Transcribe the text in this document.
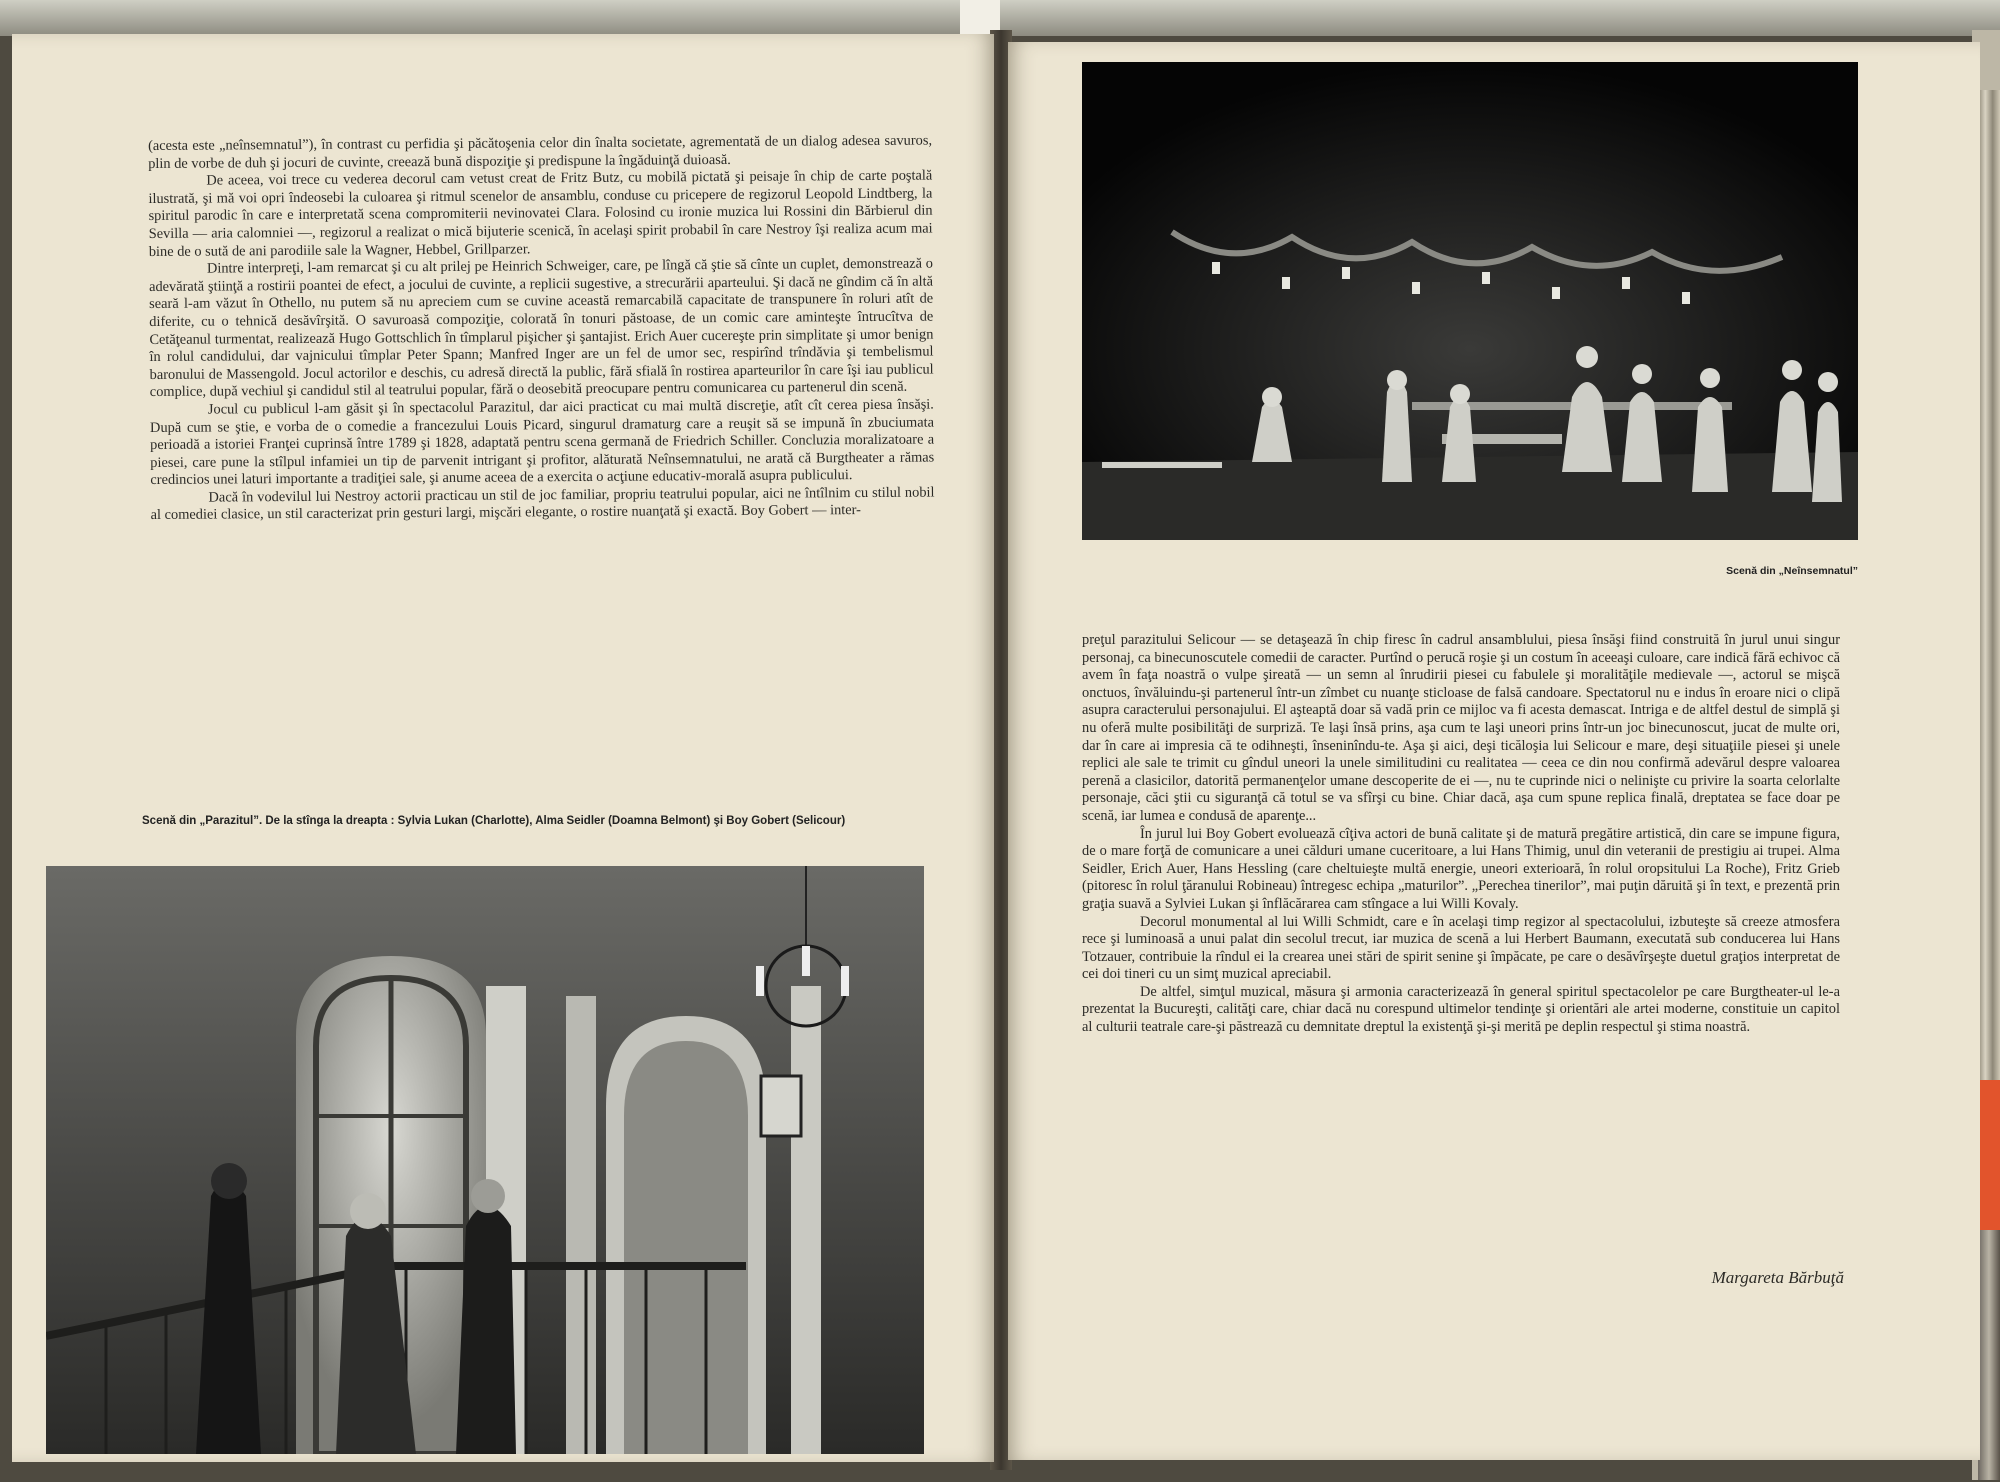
(acesta este „neînsemnatul”), în contrast cu perfidia şi păcătoşenia celor din înalta societate, agrementată de un dialog adesea savuros, plin de vorbe de duh şi jocuri de cuvinte, creează bună dispoziţie şi predispune la îngăduinţă duioasă.

De aceea, voi trece cu vederea decorul cam vetust creat de Fritz Butz, cu mobilă pictată şi peisaje în chip de carte poştală ilustrată, şi mă voi opri îndeosebi la culoarea şi ritmul scenelor de ansamblu, conduse cu pricepere de regizorul Leopold Lindtberg, la spiritul parodic în care e interpretată scena compromiterii nevinovatei Clara. Folosind cu ironie muzica lui Rossini din Bărbierul din Sevilla — aria calomniei —, regizorul a realizat o mică bijuterie scenică, în acelaşi spirit probabil în care Nestroy îşi realiza acum mai bine de o sută de ani parodiile sale la Wagner, Hebbel, Grillparzer.

Dintre interpreţi, l-am remarcat şi cu alt prilej pe Heinrich Schweiger, care, pe lîngă că ştie să cînte un cuplet, demonstrează o adevărată ştiinţă a rostirii poantei de efect, a jocului de cuvinte, a replicii sugestive, a strecurării aparteului. Şi dacă ne gîndim că în altă seară l-am văzut în Othello, nu putem să nu apreciem cum se cuvine această remarcabilă capacitate de transpunere în roluri atît de diferite, cu o tehnică desăvîrşită. O savuroasă compoziţie, colorată în tonuri păstoase, de un comic care aminteşte întrucîtva de Cetăţeanul turmentat, realizează Hugo Gottschlich în tîmplarul pişicher şi şantajist. Erich Auer cucereşte prin simplitate şi umor benign în rolul candidului, dar vajnicului tîmplar Peter Spann; Manfred Inger are un fel de umor sec, respirînd trîndăvia şi tembelismul baronului de Massengold. Jocul actorilor e deschis, cu adresă directă la public, fără sfială în rostirea aparteurilor în care îşi iau publicul complice, după vechiul şi candidul stil al teatrului popular, fără o deosebită preocupare pentru comunicarea cu partenerul din scenă.

Jocul cu publicul l-am găsit şi în spectacolul Parazitul, dar aici practicat cu mai multă discreţie, atît cît cerea piesa însăşi. După cum se ştie, e vorba de o comedie a francezului Louis Picard, singurul dramaturg care a reuşit să se impună în zbuciumata perioadă a istoriei Franţei cuprinsă între 1789 şi 1828, adaptată pentru scena germană de Friedrich Schiller. Concluzia moralizatoare a piesei, care pune la stîlpul infamiei un tip de parvenit intrigant şi profitor, alăturată Neînsemnatului, ne arată că Burgtheater a rămas credincios unei laturi importante a tradiţiei sale, şi anume aceea de a exercita o acţiune educativ-morală asupra publicului.

Dacă în vodevilul lui Nestroy actorii practicau un stil de joc familiar, propriu teatrului popular, aici ne întîlnim cu stilul nobil al comediei clasice, un stil caracterizat prin gesturi largi, mişcări elegante, o rostire nuanţată şi exactă. Boy Gobert — inter-

Scenă din „Parazitul”. De la stînga la dreapta : Sylvia Lukan (Charlotte), Alma Seidler (Doamna Belmont) şi Boy Gobert (Selicour)
Scenă din „Neînsemnatul”

preţul parazitului Selicour — se detaşează în chip firesc în cadrul ansamblului, piesa însăşi fiind construită în jurul unui singur personaj, ca binecunoscutele comedii de caracter. Purtînd o perucă roşie şi un costum în aceeaşi culoare, care indică fără echivoc că avem în faţa noastră o vulpe şireată — un semn al înrudirii piesei cu fabulele şi moralităţile medievale —, actorul se mişcă onctuos, învăluindu-şi partenerul într-un zîmbet cu nuanţe sticloase de falsă candoare. Spectatorul nu e indus în eroare nici o clipă asupra caracterului personajului. El aşteaptă doar să vadă prin ce mijloc va fi acesta demascat. Intriga e de altfel destul de simplă şi nu oferă multe posibilităţi de surpriză. Te laşi însă prins, aşa cum te laşi uneori prins într-un joc binecunoscut, jucat de multe ori, dar în care ai impresia că te odihneşti, înseninîndu-te. Aşa şi aici, deşi ticăloşia lui Selicour e mare, deşi situaţiile piesei şi unele replici ale sale te trimit cu gîndul uneori la unele similitudini cu realitatea — ceea ce din nou confirmă adevărul despre valoarea perenă a clasicilor, datorită permanenţelor umane descoperite de ei —, nu te cuprinde nici o nelinişte cu privire la soarta celorlalte personaje, căci ştii cu siguranţă că totul se va sfîrşi cu bine. Chiar dacă, aşa cum spune replica finală, dreptatea se face doar pe scenă, iar lumea e condusă de aparenţe...

În jurul lui Boy Gobert evoluează cîţiva actori de bună calitate şi de matură pregătire artistică, din care se impune figura, de o mare forţă de comunicare a unei călduri umane cuceritoare, a lui Hans Thimig, unul din veteranii de prestigiu ai trupei. Alma Seidler, Erich Auer, Hans Hessling (care cheltuieşte multă energie, uneori exterioară, în rolul oropsitului La Roche), Fritz Grieb (pitoresc în rolul ţăranului Robineau) întregesc echipa „maturilor”. „Perechea tinerilor”, mai puţin dăruită şi în text, e prezentă prin graţia suavă a Sylviei Lukan şi înflăcărarea cam stîngace a lui Willi Kovaly.

Decorul monumental al lui Willi Schmidt, care e în acelaşi timp regizor al spectacolului, izbuteşte să creeze atmosfera rece şi luminoasă a unui palat din secolul trecut, iar muzica de scenă a lui Herbert Baumann, executată sub conducerea lui Hans Totzauer, contribuie la rîndul ei la crearea unei stări de spirit senine şi împăcate, pe care o desăvîrşeşte duetul graţios interpretat de cei doi tineri cu un simţ muzical apreciabil.

De altfel, simţul muzical, măsura şi armonia caracterizează în general spiritul spectacolelor pe care Burgtheater-ul le-a prezentat la Bucureşti, calităţi care, chiar dacă nu corespund ultimelor tendinţe şi orientări ale artei moderne, constituie un capitol al culturii teatrale care-şi păstrează cu demnitate dreptul la existenţă şi-şi merită pe deplin respectul şi stima noastră.

Margareta Bărbuţă
